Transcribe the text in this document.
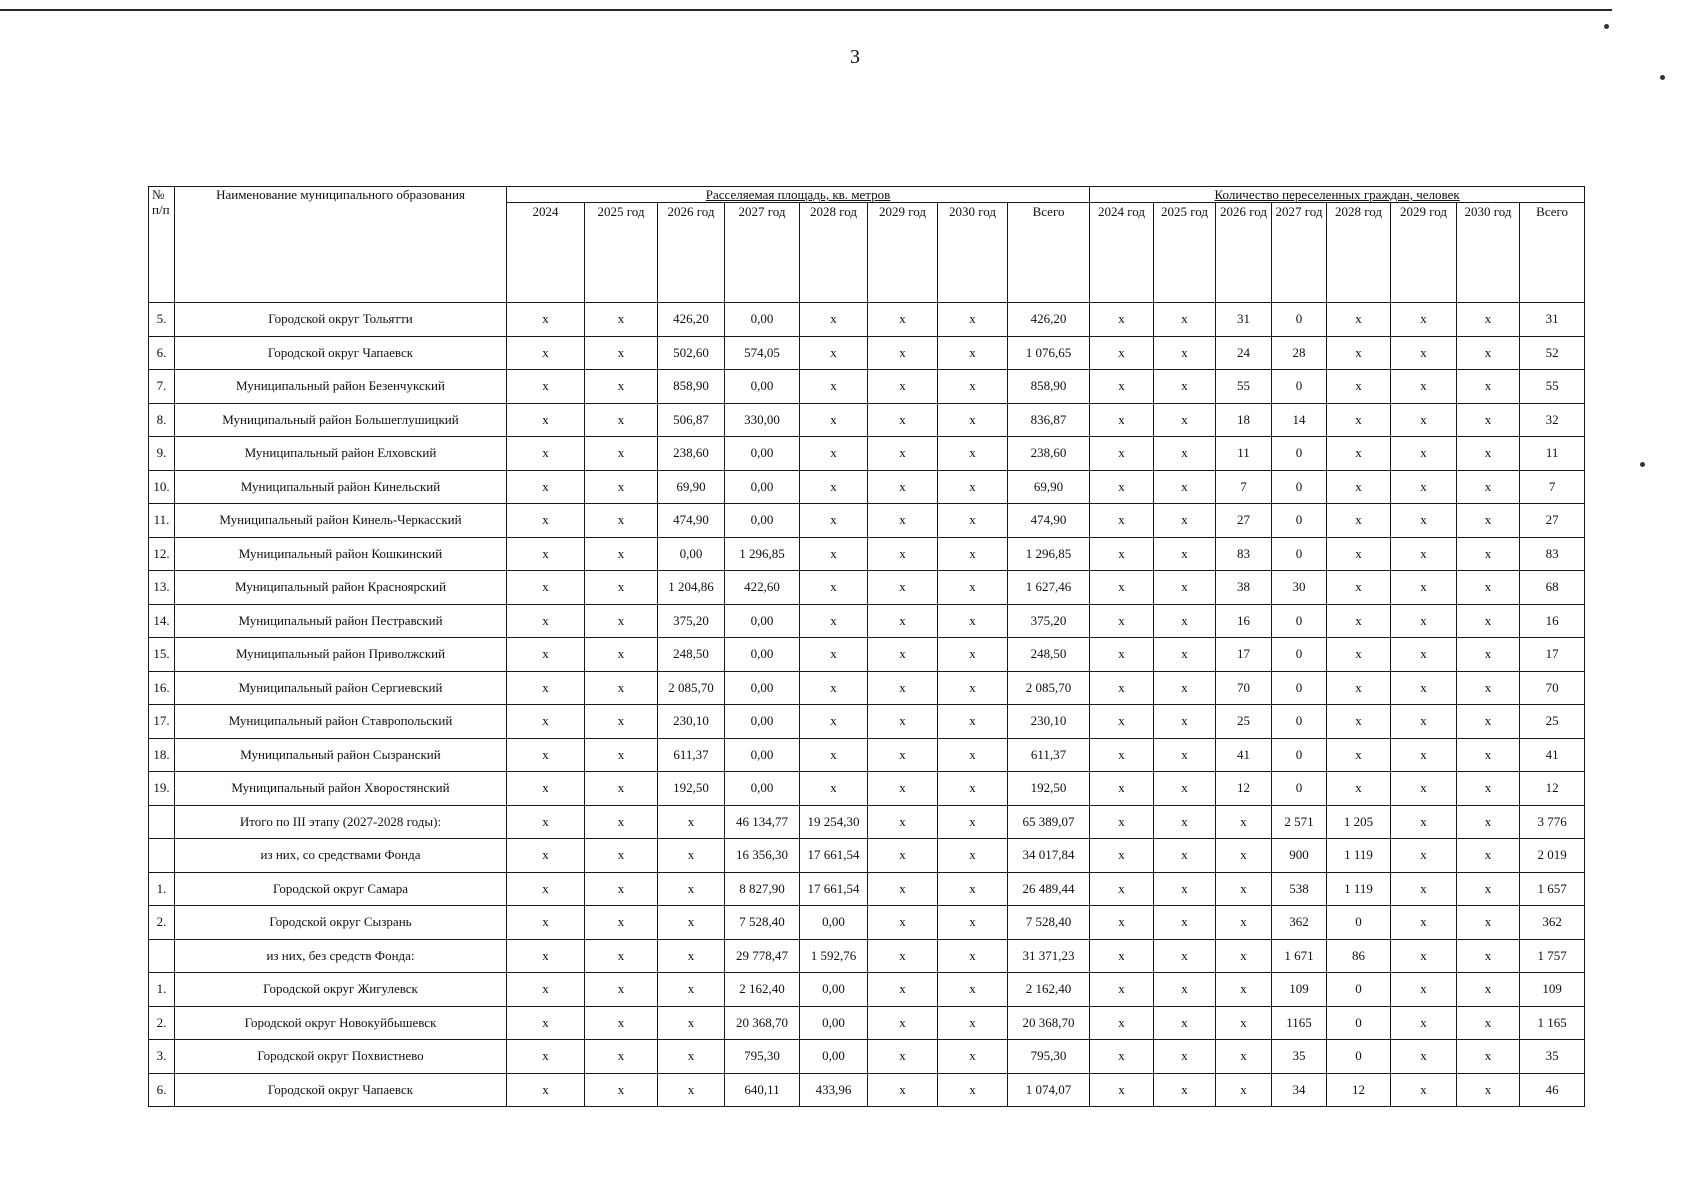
3
№ п/п	Наименование муниципального образования	Расселяемая площадь, кв. метров								Количество переселенных граждан, человек							
		2024	2025 год	2026 год	2027 год	2028 год	2029 год	2030 год	Всего	2024 год	2025 год	2026 год	2027 год	2028 год	2029 год	2030 год	Всего
5.	Городской округ Тольятти	x	x	426,20	0,00	x	x	x	426,20	x	x	31	0	x	x	x	31
6.	Городской округ Чапаевск	x	x	502,60	574,05	x	x	x	1 076,65	x	x	24	28	x	x	x	52
7.	Муниципальный район Безенчукский	x	x	858,90	0,00	x	x	x	858,90	x	x	55	0	x	x	x	55
8.	Муниципальный район Большеглушицкий	x	x	506,87	330,00	x	x	x	836,87	x	x	18	14	x	x	x	32
9.	Муниципальный район Елховский	x	x	238,60	0,00	x	x	x	238,60	x	x	11	0	x	x	x	11
10.	Муниципальный район Кинельский	x	x	69,90	0,00	x	x	x	69,90	x	x	7	0	x	x	x	7
11.	Муниципальный район Кинель-Черкасский	x	x	474,90	0,00	x	x	x	474,90	x	x	27	0	x	x	x	27
12.	Муниципальный район Кошкинский	x	x	0,00	1 296,85	x	x	x	1 296,85	x	x	83	0	x	x	x	83
13.	Муниципальный район Красноярский	x	x	1 204,86	422,60	x	x	x	1 627,46	x	x	38	30	x	x	x	68
14.	Муниципальный район Пестравский	x	x	375,20	0,00	x	x	x	375,20	x	x	16	0	x	x	x	16
15.	Муниципальный район Приволжский	x	x	248,50	0,00	x	x	x	248,50	x	x	17	0	x	x	x	17
16.	Муниципальный район Сергиевский	x	x	2 085,70	0,00	x	x	x	2 085,70	x	x	70	0	x	x	x	70
17.	Муниципальный район Ставропольский	x	x	230,10	0,00	x	x	x	230,10	x	x	25	0	x	x	x	25
18.	Муниципальный район Сызранский	x	x	611,37	0,00	x	x	x	611,37	x	x	41	0	x	x	x	41
19.	Муниципальный район Хворостянский	x	x	192,50	0,00	x	x	x	192,50	x	x	12	0	x	x	x	12
	Итого по III этапу (2027-2028 годы):	x	x	x	46 134,77	19 254,30	x	x	65 389,07	x	x	x	2 571	1 205	x	x	3 776
	из них, со средствами Фонда	x	x	x	16 356,30	17 661,54	x	x	34 017,84	x	x	x	900	1 119	x	x	2 019
1.	Городской округ Самара	x	x	x	8 827,90	17 661,54	x	x	26 489,44	x	x	x	538	1 119	x	x	1 657
2.	Городской округ Сызрань	x	x	x	7 528,40	0,00	x	x	7 528,40	x	x	x	362	0	x	x	362
	из них, без средств Фонда:	x	x	x	29 778,47	1 592,76	x	x	31 371,23	x	x	x	1 671	86	x	x	1 757
1.	Городской округ Жигулевск	x	x	x	2 162,40	0,00	x	x	2 162,40	x	x	x	109	0	x	x	109
2.	Городской округ Новокуйбышевск	x	x	x	20 368,70	0,00	x	x	20 368,70	x	x	x	1165	0	x	x	1 165
3.	Городской округ Похвистнево	x	x	x	795,30	0,00	x	x	795,30	x	x	x	35	0	x	x	35
6.	Городской округ Чапаевск	x	x	x	640,11	433,96	x	x	1 074,07	x	x	x	34	12	x	x	46
